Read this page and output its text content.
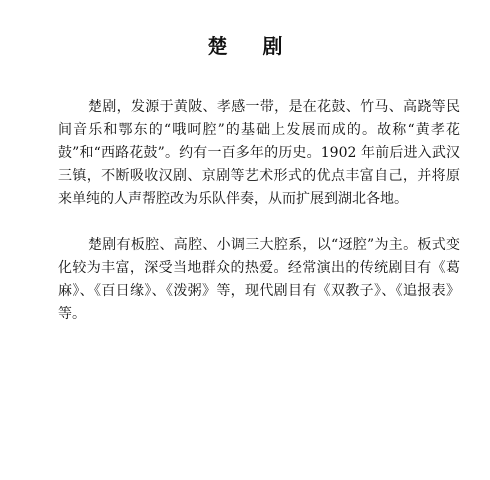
楚 剧

楚剧，发源于黄陂、孝感一带，是在花鼓、竹马、高跷等民间音乐和鄂东的“哦呵腔”的基础上发展而成的。故称“黄孝花鼓”和“西路花鼓”。约有一百多年的历史。1902 年前后进入武汉三镇，不断吸收汉剧、京剧等艺术形式的优点丰富自己，并将原来单纯的人声帮腔改为乐队伴奏，从而扩展到湖北各地。

楚剧有板腔、高腔、小调三大腔系，以“迓腔”为主。板式变化较为丰富，深受当地群众的热爱。经常演出的传统剧目有《葛麻》、《百日缘》、《泼粥》等，现代剧目有《双教子》、《追报表》等。
